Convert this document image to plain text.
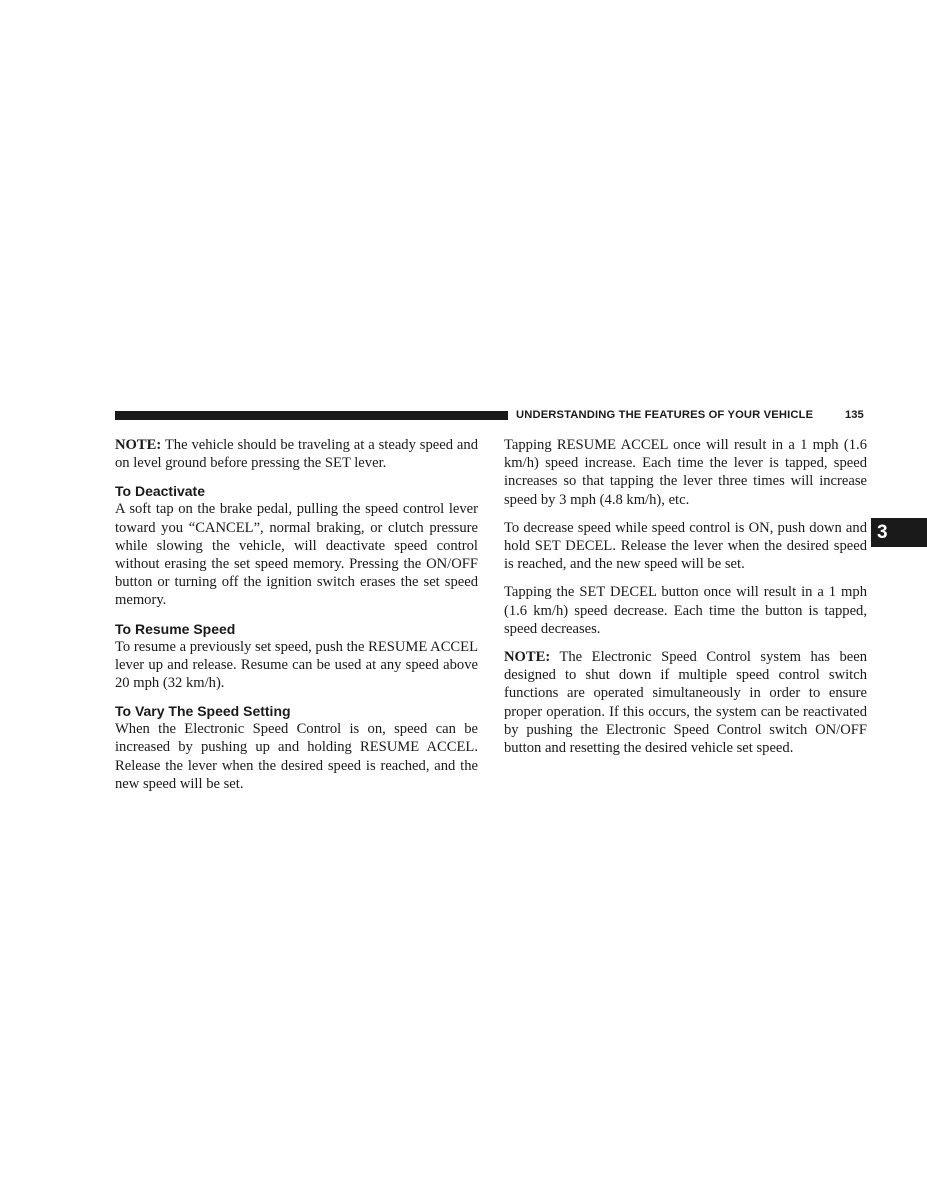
UNDERSTANDING THE FEATURES OF YOUR VEHICLE	135
3

NOTE: The vehicle should be traveling at a steady speed and on level ground before pressing the SET lever.

To Deactivate

A soft tap on the brake pedal, pulling the speed control lever toward you “CANCEL”, normal braking, or clutch pressure while slowing the vehicle, will deactivate speed control without erasing the set speed memory. Pressing the ON/OFF button or turning off the ignition switch erases the set speed memory.

To Resume Speed

To resume a previously set speed, push the RESUME ACCEL lever up and release. Resume can be used at any speed above 20 mph (32 km/h).

To Vary The Speed Setting

When the Electronic Speed Control is on, speed can be increased by pushing up and holding RESUME ACCEL. Release the lever when the desired speed is reached, and the new speed will be set.

Tapping RESUME ACCEL once will result in a 1 mph (1.6 km/h) speed increase. Each time the lever is tapped, speed increases so that tapping the lever three times will increase speed by 3 mph (4.8 km/h), etc.

To decrease speed while speed control is ON, push down and hold SET DECEL. Release the lever when the desired speed is reached, and the new speed will be set.

Tapping the SET DECEL button once will result in a 1 mph (1.6 km/h) speed decrease. Each time the button is tapped, speed decreases.

NOTE: The Electronic Speed Control system has been designed to shut down if multiple speed control switch functions are operated simultaneously in order to ensure proper operation. If this occurs, the system can be reactivated by pushing the Electronic Speed Control switch ON/OFF button and resetting the desired vehicle set speed.
